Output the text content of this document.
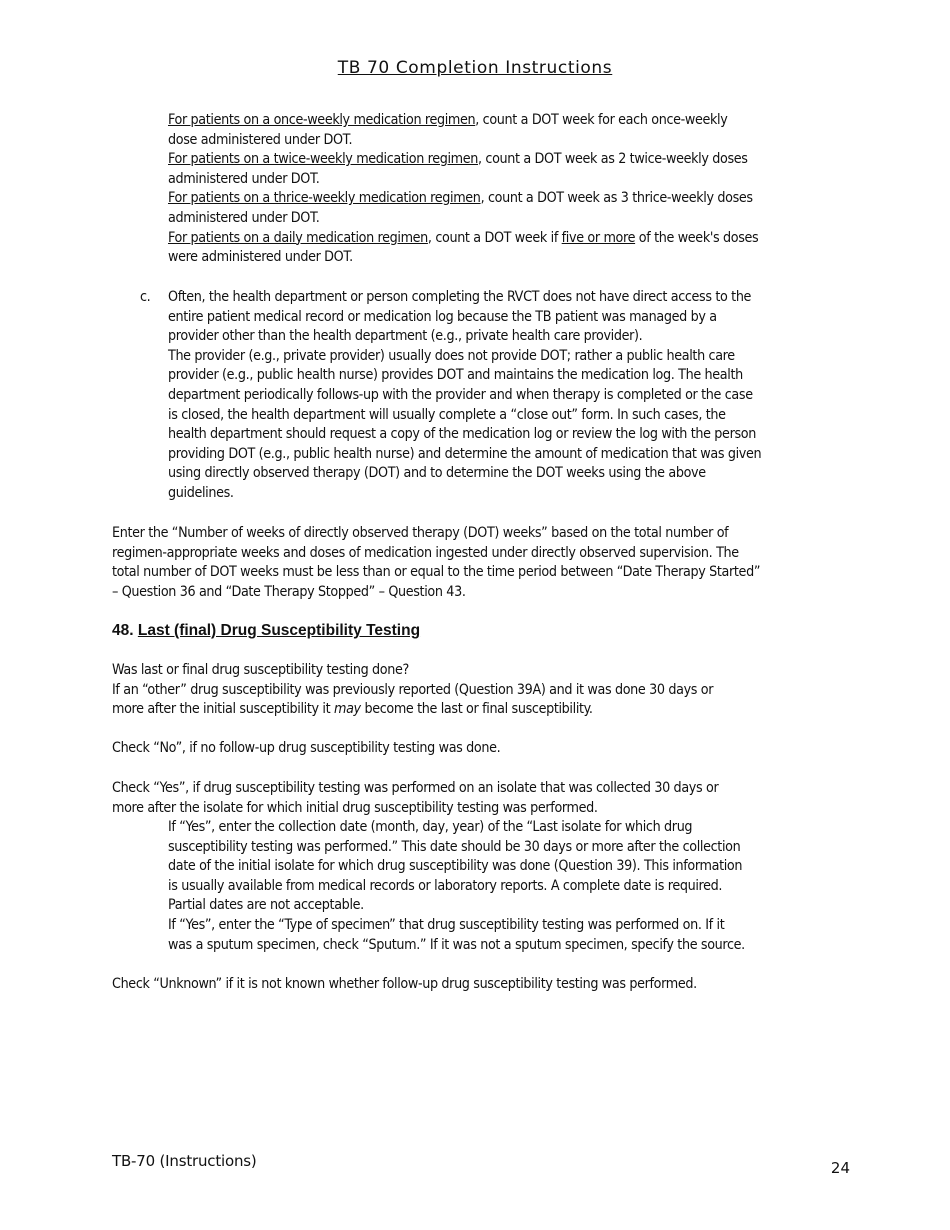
TB 70 Completion Instructions
For patients on a once-weekly medication regimen, count a DOT week for each once-weekly
dose administered under DOT.
For patients on a twice-weekly medication regimen, count a DOT week as 2 twice-weekly doses
administered under DOT.
For patients on a thrice-weekly medication regimen, count a DOT week as 3 thrice-weekly doses
administered under DOT.
For patients on a daily medication regimen, count a DOT week if five or more of the week's doses
were administered under DOT.
c. Often, the health department or person completing the RVCT does not have direct access to the
entire patient medical record or medication log because the TB patient was managed by a
provider other than the health department (e.g., private health care provider).
The provider (e.g., private provider) usually does not provide DOT; rather a public health care
provider (e.g., public health nurse) provides DOT and maintains the medication log. The health
department periodically follows-up with the provider and when therapy is completed or the case
is closed, the health department will usually complete a “close out” form. In such cases, the
health department should request a copy of the medication log or review the log with the person
providing DOT (e.g., public health nurse) and determine the amount of medication that was given
using directly observed therapy (DOT) and to determine the DOT weeks using the above
guidelines.
Enter the “Number of weeks of directly observed therapy (DOT) weeks” based on the total number of
regimen-appropriate weeks and doses of medication ingested under directly observed supervision. The
total number of DOT weeks must be less than or equal to the time period between “Date Therapy Started”
– Question 36 and “Date Therapy Stopped” – Question 43.
48. Last (final) Drug Susceptibility Testing
Was last or final drug susceptibility testing done?
If an “other” drug susceptibility was previously reported (Question 39A) and it was done 30 days or
more after the initial susceptibility it may become the last or final susceptibility.
Check “No”, if no follow-up drug susceptibility testing was done.
Check “Yes”, if drug susceptibility testing was performed on an isolate that was collected 30 days or
more after the isolate for which initial drug susceptibility testing was performed.
If “Yes”, enter the collection date (month, day, year) of the “Last isolate for which drug
susceptibility testing was performed.” This date should be 30 days or more after the collection
date of the initial isolate for which drug susceptibility was done (Question 39). This information
is usually available from medical records or laboratory reports. A complete date is required.
Partial dates are not acceptable.
If “Yes”, enter the “Type of specimen” that drug susceptibility testing was performed on. If it
was a sputum specimen, check “Sputum.” If it was not a sputum specimen, specify the source.
Check “Unknown” if it is not known whether follow-up drug susceptibility testing was performed.
TB-70 (Instructions)	24
